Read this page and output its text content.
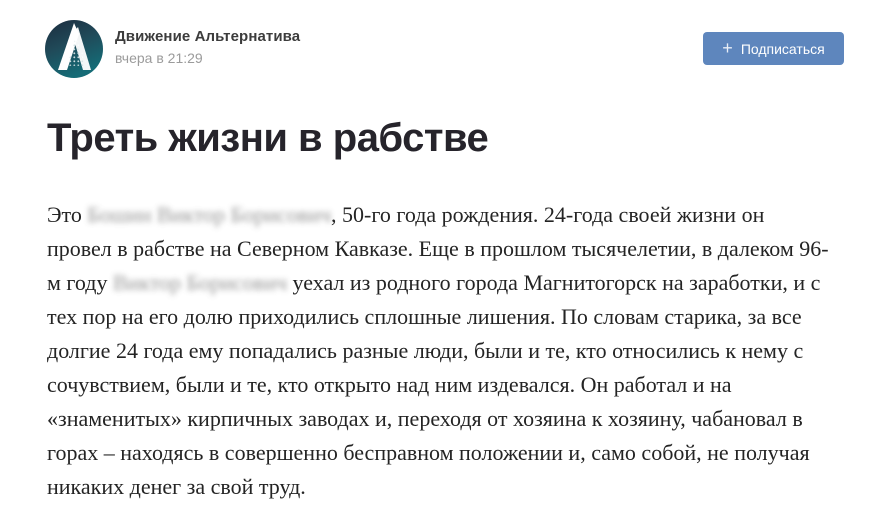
Движение Альтернатива
вчера в 21:29
+ Подписаться
Треть жизни в рабстве

Это Бошин Виктор Борисович, 50-го года рождения. 24-года своей жизни он провел в рабстве на Северном Кавказе. Еще в прошлом тысячелетии, в далеком 96-м году Виктор Борисович уехал из родного города Магнитогорск на заработки, и с тех пор на его долю приходились сплошные лишения. По словам старика, за все долгие 24 года ему попадались разные люди, были и те, кто относились к нему с сочувствием, были и те, кто открыто над ним издевался. Он работал и на «знаменитых» кирпичных заводах и, переходя от хозяина к хозяину, чабановал в горах – находясь в совершенно бесправном положении и, само собой, не получая никаких денег за свой труд.
